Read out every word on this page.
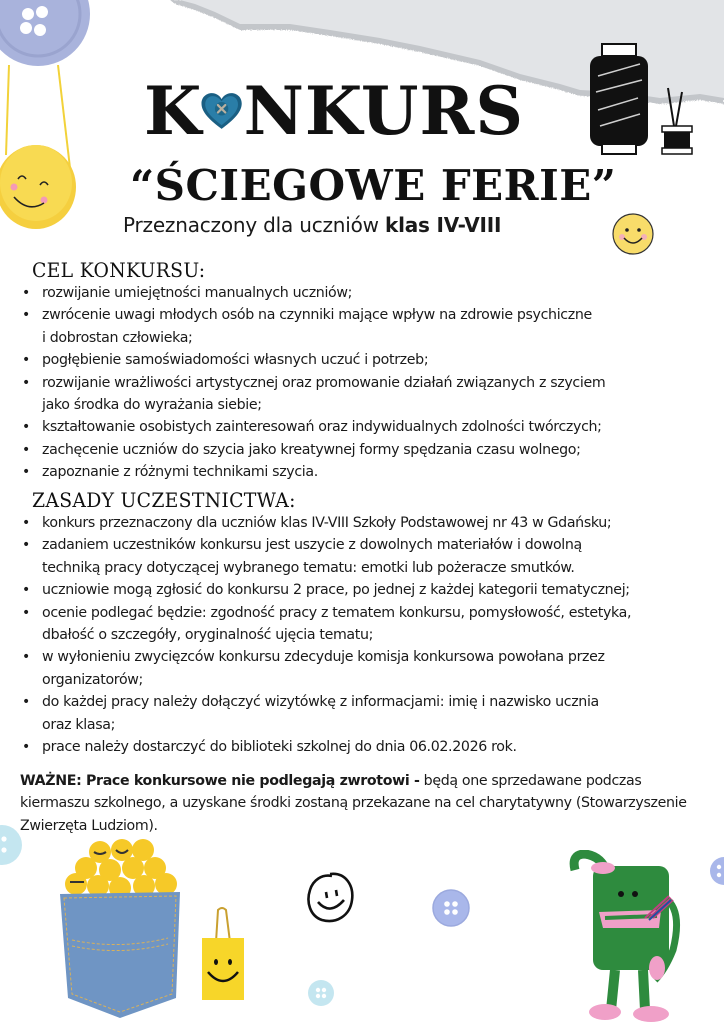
K NKURS
“ŚCIEGOWE FERIE”
Przeznaczony dla uczniów klas IV-VIII
CEL KONKURSU:
• rozwijanie umiejętności manualnych uczniów;
• zwrócenie uwagi młodych osób na czynniki mające wpływ na zdrowie psychiczne
i dobrostan człowieka;
• pogłębienie samoświadomości własnych uczuć i potrzeb;
• rozwijanie wrażliwości artystycznej oraz promowanie działań związanych z szyciem
jako środka do wyrażania siebie;
• kształtowanie osobistych zainteresowań oraz indywidualnych zdolności twórczych;
• zachęcenie uczniów do szycia jako kreatywnej formy spędzania czasu wolnego;
• zapoznanie z różnymi technikami szycia.
ZASADY UCZESTNICTWA:
• konkurs przeznaczony dla uczniów klas IV-VIII Szkoły Podstawowej nr 43 w Gdańsku;
• zadaniem uczestników konkursu jest uszycie z dowolnych materiałów i dowolną
techniką pracy dotyczącej wybranego tematu: emotki lub pożeracze smutków.
• uczniowie mogą zgłosić do konkursu 2 prace, po jednej z każdej kategorii tematycznej;
• ocenie podlegać będzie: zgodność pracy z tematem konkursu, pomysłowość, estetyka,
dbałość o szczegóły, oryginalność ujęcia tematu;
• w wyłonieniu zwycięzców konkursu zdecyduje komisja konkursowa powołana przez
organizatorów;
• do każdej pracy należy dołączyć wizytówkę z informacjami: imię i nazwisko ucznia
oraz klasa;
• prace należy dostarczyć do biblioteki szkolnej do dnia 06.02.2026 rok.
WAŻNE: Prace konkursowe nie podlegają zwrotowi - będą one sprzedawane podczas kiermaszu szkolnego, a uzyskane środki zostaną przekazane na cel charytatywny (Stowarzyszenie Zwierzęta Ludziom).
